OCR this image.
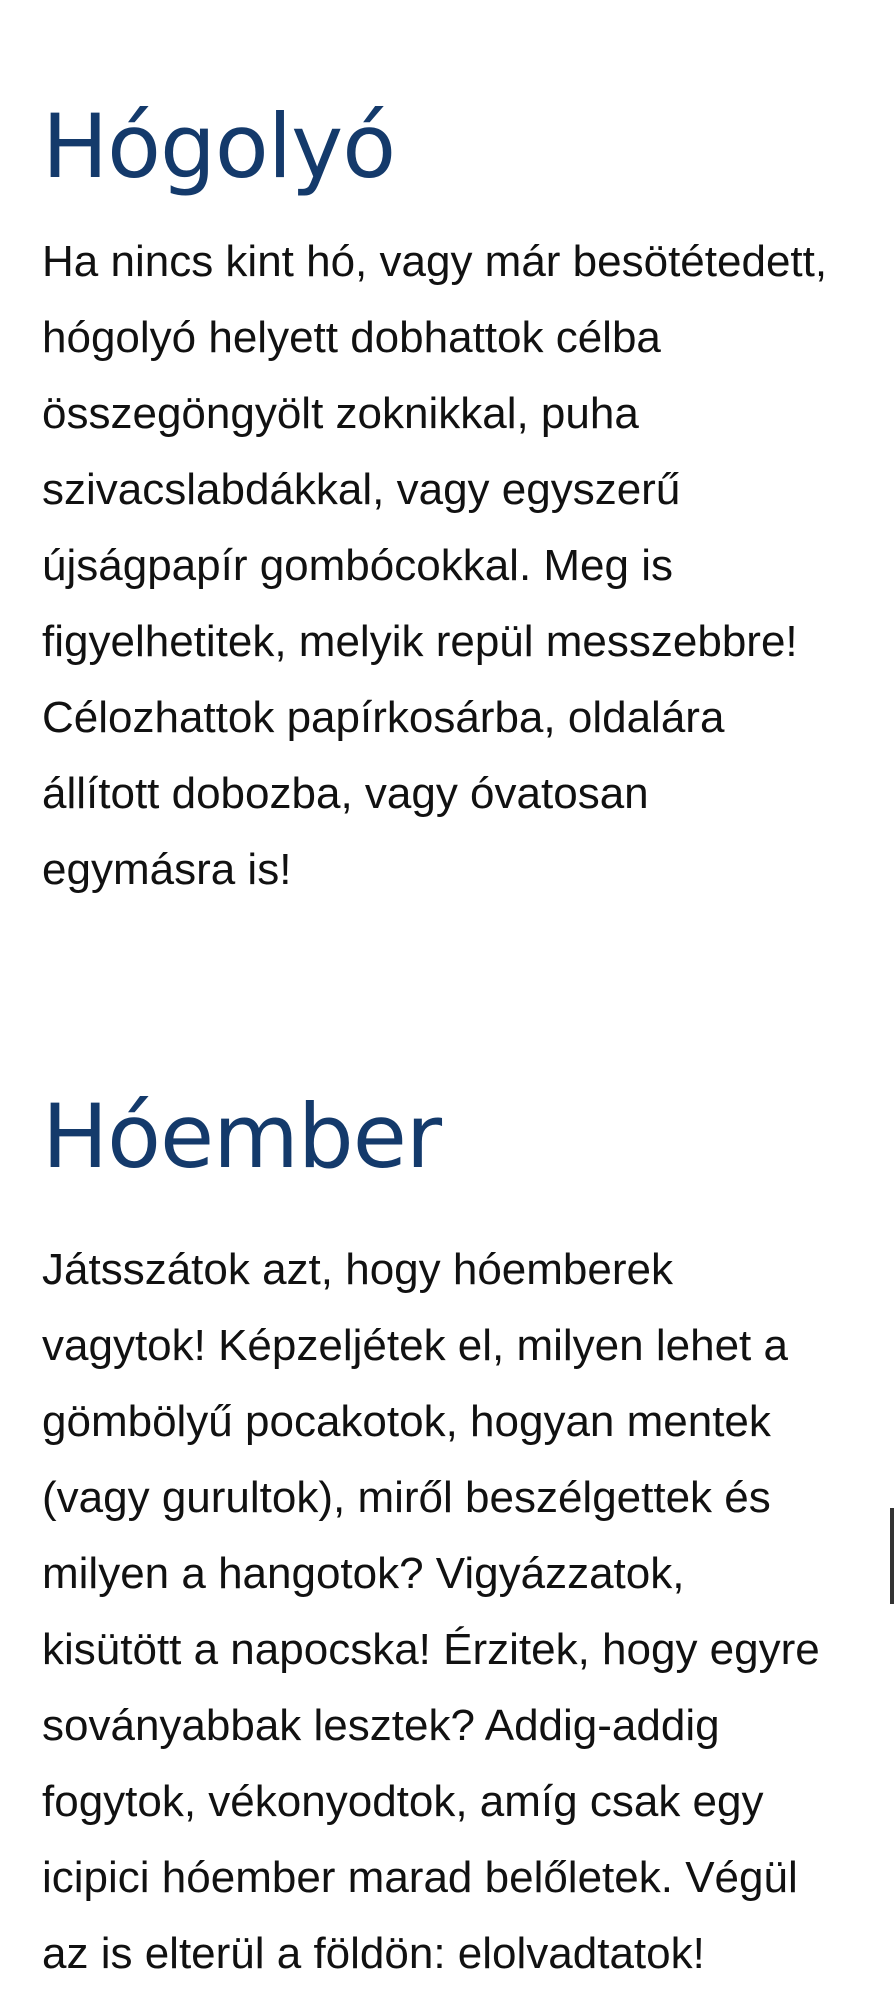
Hógolyó
Ha nincs kint hó, vagy már besötétedett,
hógolyó helyett dobhattok célba
összegöngyölt zoknikkal, puha
szivacslabdákkal, vagy egyszerű
újságpapír gombócokkal. Meg is
figyelhetitek, melyik repül messzebbre!
Célozhattok papírkosárba, oldalára
állított dobozba, vagy óvatosan
egymásra is!
Hóember
Játsszátok azt, hogy hóemberek
vagytok! Képzeljétek el, milyen lehet a
gömbölyű pocakotok, hogyan mentek
(vagy gurultok), miről beszélgettek és
milyen a hangotok? Vigyázzatok,
kisütött a napocska! Érzitek, hogy egyre
soványabbak lesztek? Addig-addig
fogytok, vékonyodtok, amíg csak egy
icipici hóember marad belőletek. Végül
az is elterül a földön: elolvadtatok!
